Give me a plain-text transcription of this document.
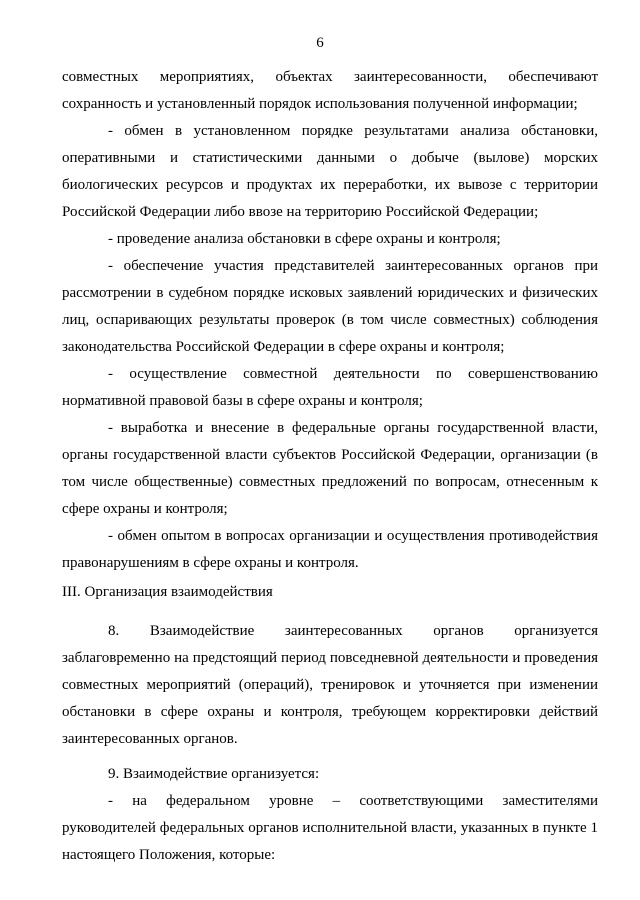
6

совместных мероприятиях, объектах заинтересованности, обеспечивают сохранность и установленный порядок использования полученной информации;

- обмен в установленном порядке результатами анализа обстановки, оперативными и статистическими данными о добыче (вылове) морских биологических ресурсов и продуктах их переработки, их вывозе с территории Российской Федерации либо ввозе на территорию Российской Федерации;

- проведение анализа обстановки в сфере охраны и контроля;

- обеспечение участия представителей заинтересованных органов при рассмотрении в судебном порядке исковых заявлений юридических и физических лиц, оспаривающих результаты проверок (в том числе совместных) соблюдения законодательства Российской Федерации в сфере охраны и контроля;

- осуществление совместной деятельности по совершенствованию нормативной правовой базы в сфере охраны и контроля;

- выработка и внесение в федеральные органы государственной власти, органы государственной власти субъектов Российской Федерации, организации (в том числе общественные) совместных предложений по вопросам, отнесенным к сфере охраны и контроля;

- обмен опытом в вопросах организации и осуществления противодействия правонарушениям в сфере охраны и контроля.

III. Организация взаимодействия

8. Взаимодействие заинтересованных органов организуется заблаговременно на предстоящий период повседневной деятельности и проведения совместных мероприятий (операций), тренировок и уточняется при изменении обстановки в сфере охраны и контроля, требующем корректировки действий заинтересованных органов.

9. Взаимодействие организуется:

- на федеральном уровне – соответствующими заместителями руководителей федеральных органов исполнительной власти, указанных в пункте 1 настоящего Положения, которые:
